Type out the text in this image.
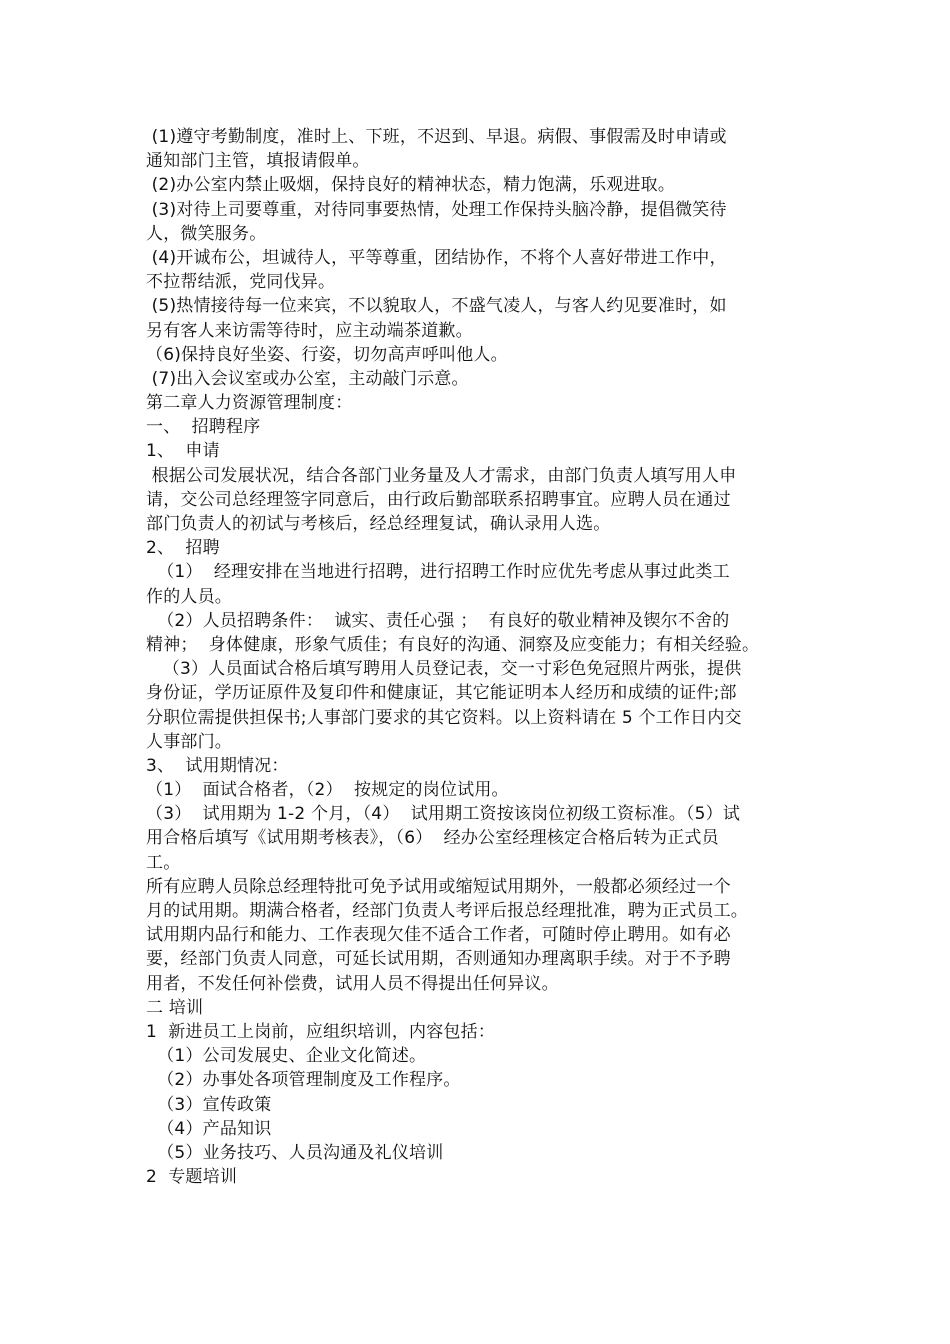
(1)遵守考勤制度，准时上、下班，不迟到、早退。病假、事假需及时申请或
通知部门主管，填报请假单。
(2)办公室内禁止吸烟，保持良好的精神状态，精力饱满，乐观进取。
(3)对待上司要尊重，对待同事要热情，处理工作保持头脑冷静，提倡微笑待
人，微笑服务。
(4)开诚布公，坦诚待人，平等尊重，团结协作，不将个人喜好带进工作中，
不拉帮结派，党同伐异。
(5)热情接待每一位来宾，不以貌取人，不盛气凌人，与客人约见要准时，如
另有客人来访需等待时，应主动端茶道歉。
（6)保持良好坐姿、行姿，切勿高声呼叫他人。
(7)出入会议室或办公室，主动敲门示意。
第二章人力资源管理制度：
一、  招聘程序
1、  申请
根据公司发展状况，结合各部门业务量及人才需求，由部门负责人填写用人申
请，交公司总经理签字同意后，由行政后勤部联系招聘事宜。应聘人员在通过
部门负责人的初试与考核后，经总经理复试，确认录用人选。
2、  招聘
（1）  经理安排在当地进行招聘，进行招聘工作时应优先考虑从事过此类工
作的人员。
（2）人员招聘条件：  诚实、责任心强 ；  有良好的敬业精神及锲尔不舍的
精神；  身体健康，形象气质佳；有良好的沟通、洞察及应变能力；有相关经验。
（3）人员面试合格后填写聘用人员登记表，交一寸彩色免冠照片两张，提供
身份证，学历证原件及复印件和健康证，其它能证明本人经历和成绩的证件;部
分职位需提供担保书;人事部门要求的其它资料。以上资料请在 5 个工作日内交
人事部门。
3、  试用期情况：
（1）  面试合格者，（2）  按规定的岗位试用。
（3）  试用期为 1-2 个月，（4）  试用期工资按该岗位初级工资标准。（5）试
用合格后填写《试用期考核表》，（6）  经办公室经理核定合格后转为正式员
工。
所有应聘人员除总经理特批可免予试用或缩短试用期外，一般都必须经过一个
月的试用期。期满合格者，经部门负责人考评后报总经理批准，聘为正式员工。
试用期内品行和能力、工作表现欠佳不适合工作者，可随时停止聘用。如有必
要，经部门负责人同意，可延长试用期，否则通知办理离职手续。对于不予聘
用者，不发任何补偿费，试用人员不得提出任何异议。
二 培训
1  新进员工上岗前，应组织培训，内容包括：
（1）公司发展史、企业文化简述。
（2）办事处各项管理制度及工作程序。
（3）宣传政策
（4）产品知识
（5）业务技巧、人员沟通及礼仪培训
2  专题培训
